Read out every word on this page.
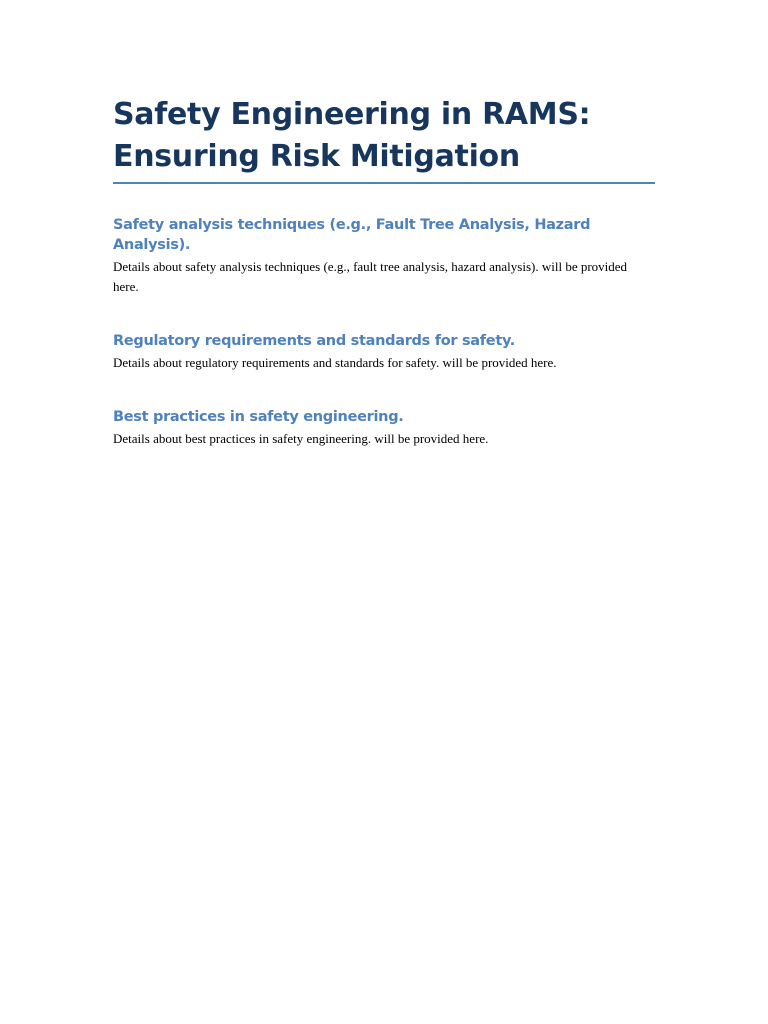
Safety Engineering in RAMS: Ensuring Risk Mitigation
Safety analysis techniques (e.g., Fault Tree Analysis, Hazard Analysis).

Details about safety analysis techniques (e.g., fault tree analysis, hazard analysis). will be provided here.

Regulatory requirements and standards for safety.

Details about regulatory requirements and standards for safety. will be provided here.

Best practices in safety engineering.

Details about best practices in safety engineering. will be provided here.
